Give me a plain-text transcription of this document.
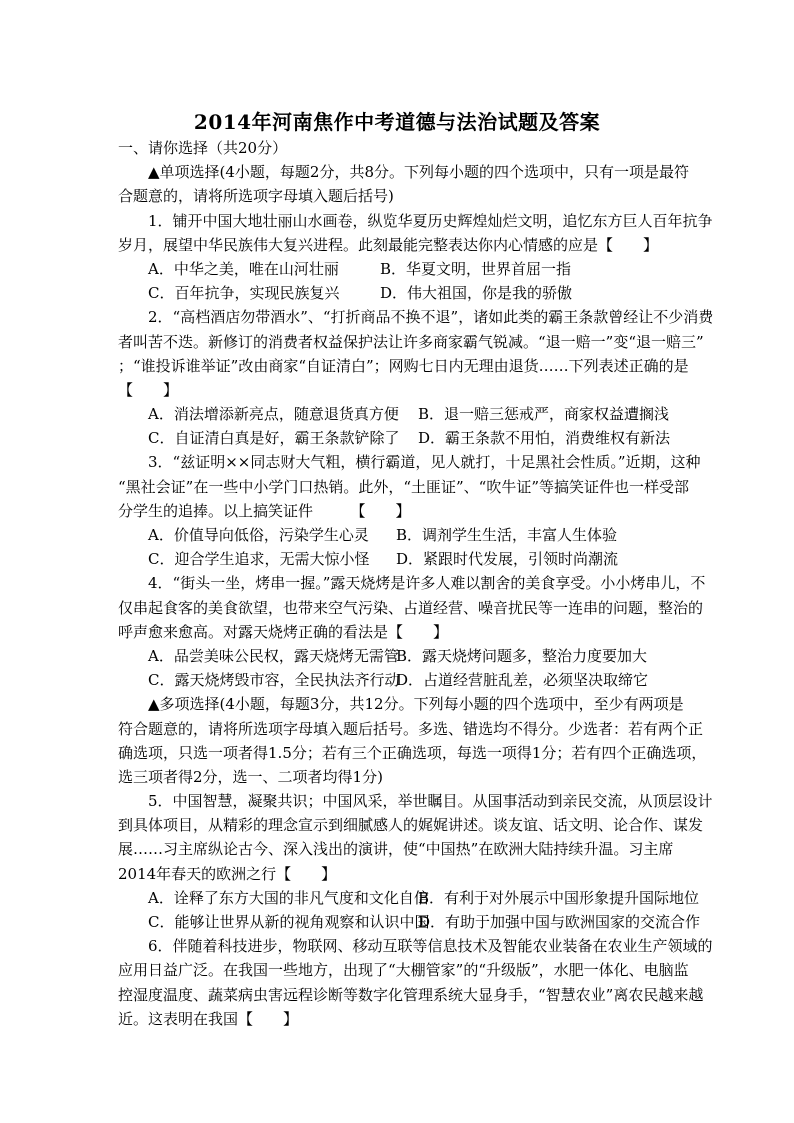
2014年河南焦作中考道德与法治试题及答案
一、请你选择（共20分）
▲单项选择(4小题，每题2分，共8分。下列每小题的四个选项中，只有一项是最符
合题意的，请将所选项字母填入题后括号)
1．铺开中国大地壮丽山水画卷，纵览华夏历史辉煌灿烂文明，追忆东方巨人百年抗争
岁月，展望中华民族伟大复兴进程。此刻最能完整表达你内心情感的应是【　　】
A．中华之美，唯在山河壮丽	B．华夏文明，世界首屈一指
C．百年抗争，实现民族复兴	D．伟大祖国，你是我的骄傲
2．“高档酒店勿带酒水”、“打折商品不换不退”，诸如此类的霸王条款曾经让不少消费
者叫苦不迭。新修订的消费者权益保护法让许多商家霸气锐减。“退一赔一”变“退一赔三”
；“谁投诉谁举证”改由商家“自证清白”；网购七日内无理由退货……下列表述正确的是
【　　】
A．消法增添新亮点，随意退货真方便 B．退一赔三惩戒严，商家权益遭搁浅
C．自证清白真是好，霸王条款铲除了 D．霸王条款不用怕，消费维权有新法
3．“兹证明××同志财大气粗，横行霸道，见人就打，十足黑社会性质。”近期，这种
“黑社会证”在一些中小学门口热销。此外，“土匪证”、“吹牛证”等搞笑证件也一样受部
分学生的追捧。以上搞笑证件　　　【　　】
A．价值导向低俗，污染学生心灵 B．调剂学生生活，丰富人生体验
C．迎合学生追求，无需大惊小怪 D．紧跟时代发展，引领时尚潮流
4．“街头一坐，烤串一握。”露天烧烤是许多人难以割舍的美食享受。小小烤串儿，不
仅串起食客的美食欲望，也带来空气污染、占道经营、噪音扰民等一连串的问题，整治的
呼声愈来愈高。对露天烧烤正确的看法是【　　】
A．品尝美味公民权，露天烧烤无需管B．露天烧烤问题多，整治力度要加大
C．露天烧烤毁市容，全民执法齐行动D．占道经营脏乱差，必须坚决取缔它
▲多项选择(4小题，每题3分，共12分。下列每小题的四个选项中，至少有两项是
符合题意的，请将所选项字母填入题后括号。多选、错选均不得分。少选者：若有两个正
确选项，只选一项者得1.5分；若有三个正确选项，每选一项得1分；若有四个正确选项，
选三项者得2分，选一、二项者均得1分)
5．中国智慧，凝聚共识；中国风采，举世瞩目。从国事活动到亲民交流，从顶层设计
到具体项目，从精彩的理念宣示到细腻感人的娓娓讲述。谈友谊、话文明、论合作、谋发
展……习主席纵论古今、深入浅出的演讲，使“中国热”在欧洲大陆持续升温。习主席
2014年春天的欧洲之行【　　】
A．诠释了东方大国的非凡气度和文化自信B．有利于对外展示中国形象提升国际地位
C．能够让世界从新的视角观察和认识中国D．有助于加强中国与欧洲国家的交流合作
6．伴随着科技进步，物联网、移动互联等信息技术及智能农业装备在农业生产领域的
应用日益广泛。在我国一些地方，出现了“大棚管家”的“升级版”，水肥一体化、电脑监
控湿度温度、蔬菜病虫害远程诊断等数字化管理系统大显身手，“智慧农业”离农民越来越
近。这表明在我国【　　】
